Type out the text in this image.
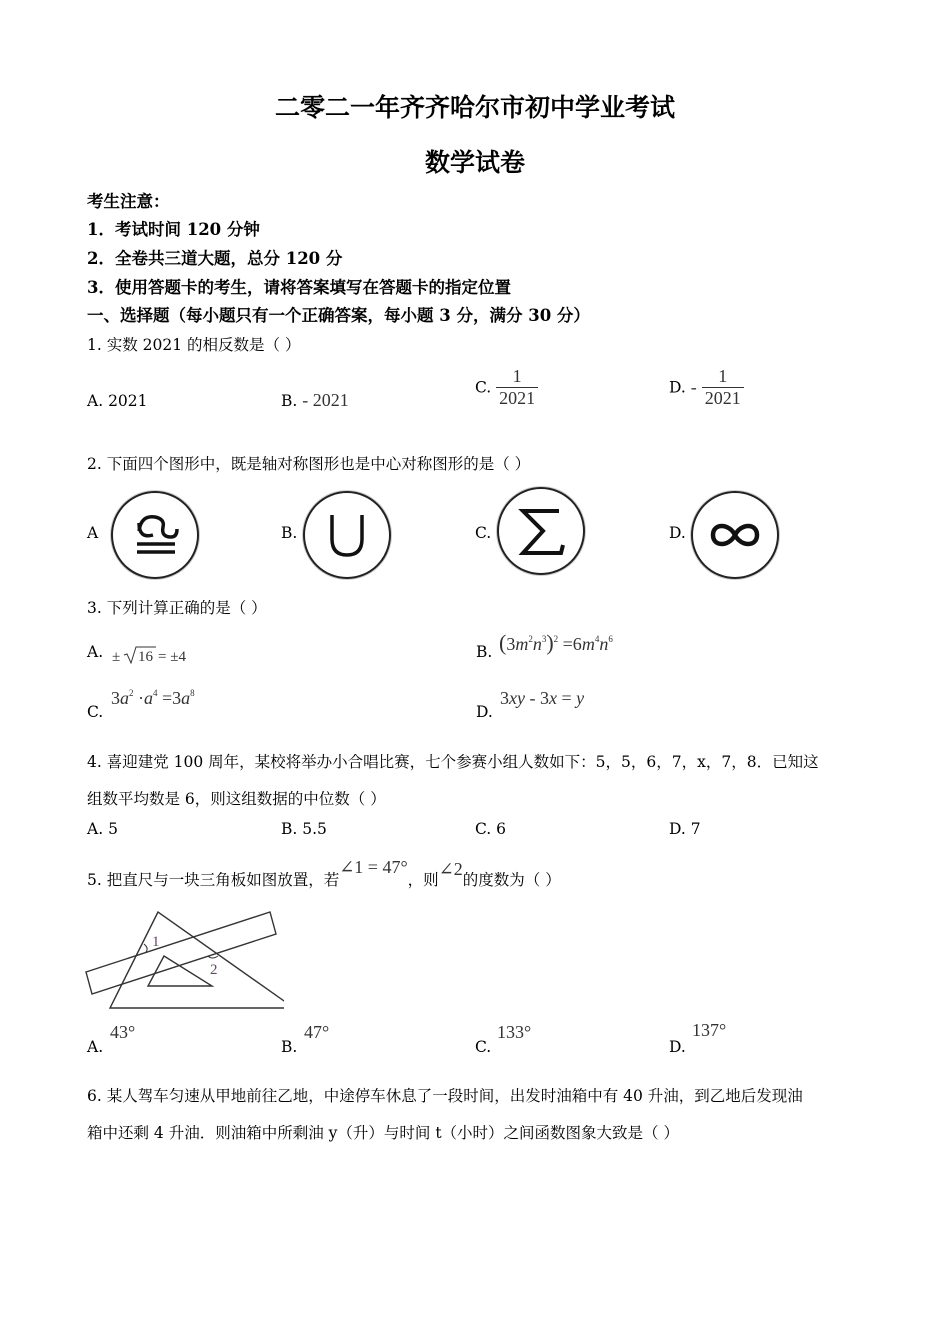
二零二一年齐齐哈尔市初中学业考试
数学试卷
考生注意：
1．考试时间 120 分钟
2．全卷共三道大题，总分 120 分
3．使用答题卡的考生，请将答案填写在答题卡的指定位置
一、选择题（每小题只有一个正确答案，每小题 3 分，满分 30 分）
1. 实数 2021 的相反数是（ ）
A. 2021	B. - 2021
C. $\frac{1}{2021}$	D. - $\frac{1}{2021}$
2. 下面四个图形中，既是轴对称图形也是中心对称图形的是（ ）
A	B.	C.	D.
3. 下列计算正确的是（ ）
A. ± 16 = ±4	B. $(3m^2n^3)^2 =6m^4n^6$
C.
$3a^2 \cdot a^4 =3a^8$
D.
3xy - 3x = y
4. 喜迎建党 100 周年，某校将举办小合唱比赛，七个参赛小组人数如下：5，5，6，7，x，7，8．已知这
组数平均数是 6，则这组数据的中位数（ ）
A. 5	B. 5.5	C. 6	D. 7
5. 把直尺与一块三角板如图放置，若∠1 = 47°，则∠2的度数为（ ）
1
2
A.
43°
B.
47°
C.
133°
D.
137°
6. 某人驾车匀速从甲地前往乙地，中途停车休息了一段时间，出发时油箱中有 40 升油，到乙地后发现油
箱中还剩 4 升油．则油箱中所剩油 y（升）与时间 t（小时）之间函数图象大致是（ ）
